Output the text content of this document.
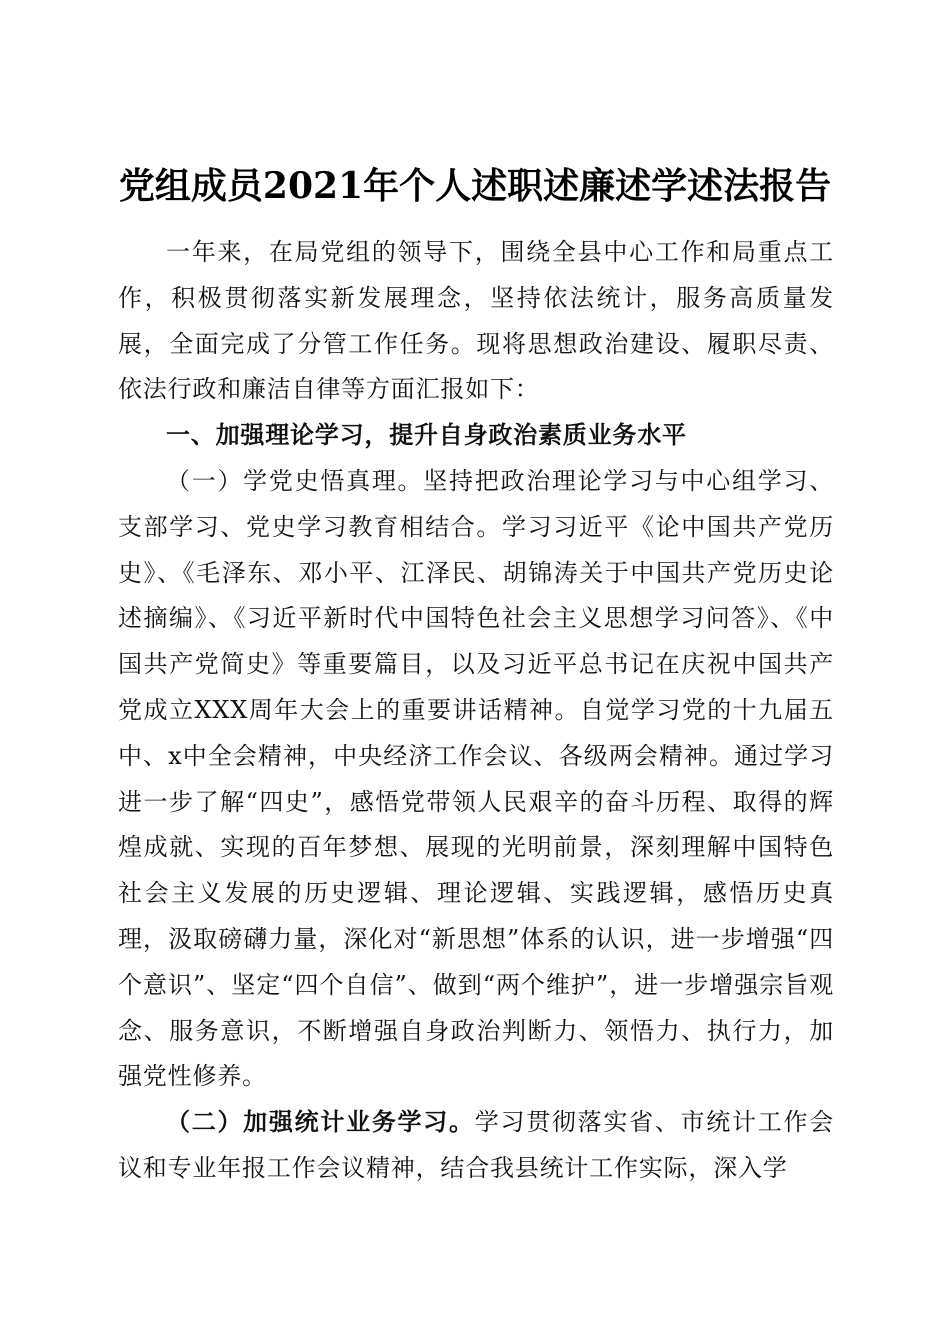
党组成员2021年个人述职述廉述学述法报告

一年来，在局党组的领导下，围绕全县中心工作和局重点工作，积极贯彻落实新发展理念，坚持依法统计，服务高质量发展，全面完成了分管工作任务。现将思想政治建设、履职尽责、依法行政和廉洁自律等方面汇报如下：

一、加强理论学习，提升自身政治素质业务水平

（一）学党史悟真理。坚持把政治理论学习与中心组学习、支部学习、党史学习教育相结合。学习习近平《论中国共产党历史》、《毛泽东、邓小平、江泽民、胡锦涛关于中国共产党历史论述摘编》、《习近平新时代中国特色社会主义思想学习问答》、《中国共产党简史》等重要篇目，以及习近平总书记在庆祝中国共产党成立XXX周年大会上的重要讲话精神。自觉学习党的十九届五中、x中全会精神，中央经济工作会议、各级两会精神。通过学习进一步了解“四史”，感悟党带领人民艰辛的奋斗历程、取得的辉煌成就、实现的百年梦想、展现的光明前景，深刻理解中国特色社会主义发展的历史逻辑、理论逻辑、实践逻辑，感悟历史真理，汲取磅礴力量，深化对“新思想”体系的认识，进一步增强“四个意识”、坚定“四个自信”、做到“两个维护”，进一步增强宗旨观念、服务意识，不断增强自身政治判断力、领悟力、执行力，加强党性修养。

（二）加强统计业务学习。学习贯彻落实省、市统计工作会议和专业年报工作会议精神，结合我县统计工作实际，深入学
